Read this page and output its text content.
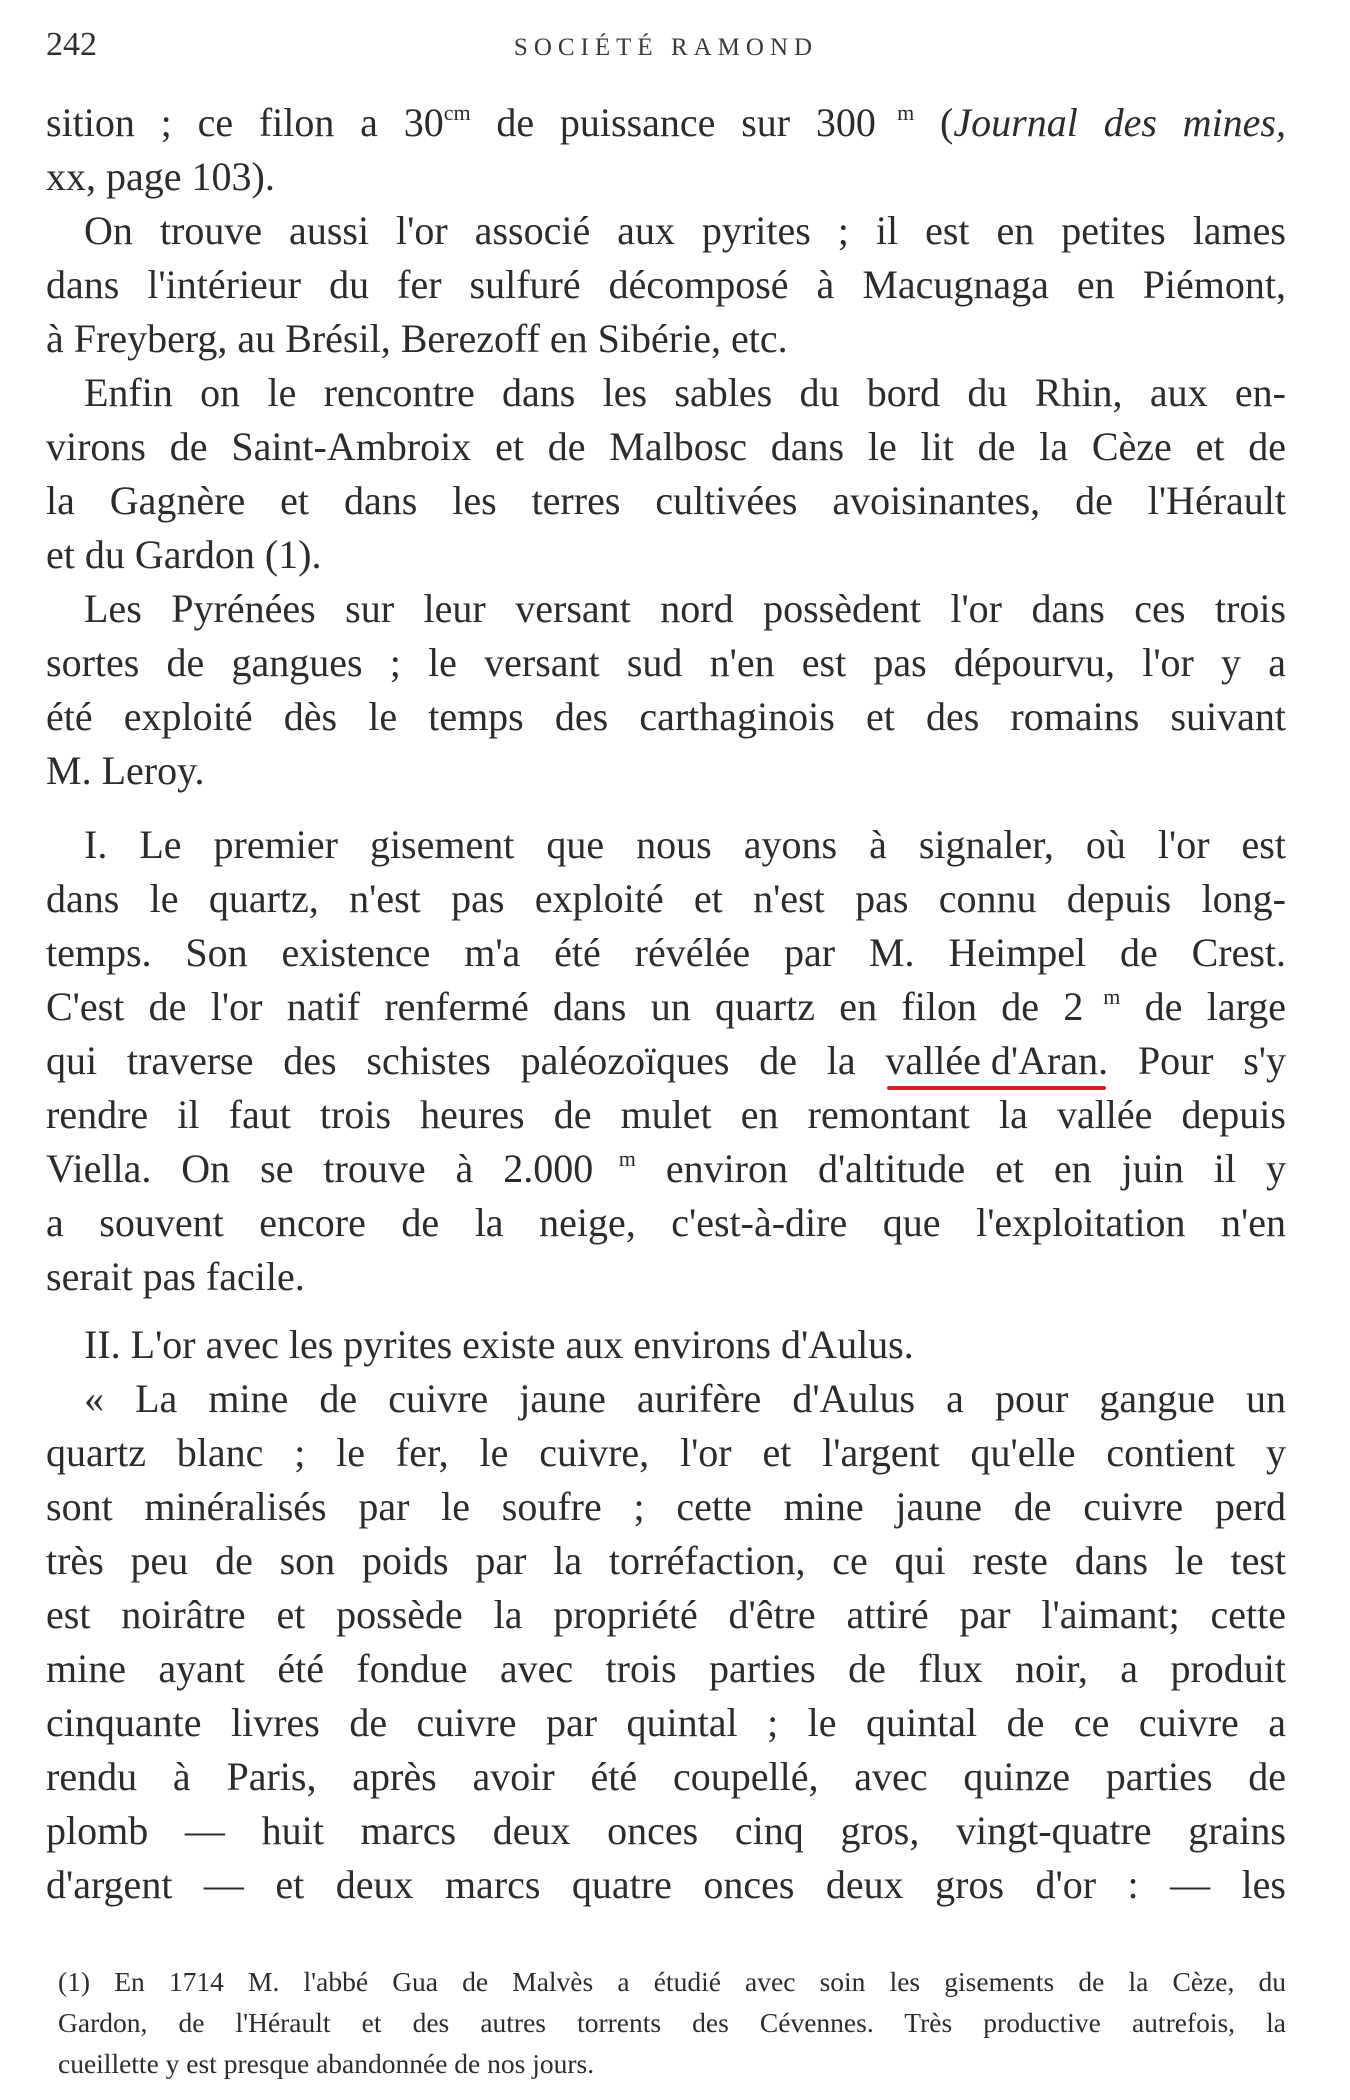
242	SOCIÉTÉ RAMOND
sition ; ce filon a $30^{cm}$ de puissance sur 300 $^m$ (Journal des mines,
xx, page 103).
On trouve aussi l'or associé aux pyrites ; il est en petites lames
dans l'intérieur du fer sulfuré décomposé à Macugnaga en Piémont,
à Freyberg, au Brésil, Berezoff en Sibérie, etc.
Enfin on le rencontre dans les sables du bord du Rhin, aux en-
virons de Saint-Ambroix et de Malbosc dans le lit de la Cèze et de
la Gagnère et dans les terres cultivées avoisinantes, de l'Hérault
et du Gardon (1).
Les Pyrénées sur leur versant nord possèdent l'or dans ces trois
sortes de gangues ; le versant sud n'en est pas dépourvu, l'or y a
été exploité dès le temps des carthaginois et des romains suivant
M. Leroy.
I. Le premier gisement que nous ayons à signaler, où l'or est
dans le quartz, n'est pas exploité et n'est pas connu depuis long-
temps. Son existence m'a été révélée par M. Heimpel de Crest.
C'est de l'or natif renfermé dans un quartz en filon de 2 $^m$ de large
qui traverse des schistes paléozoïques de la vallée d'Aran. Pour s'y
rendre il faut trois heures de mulet en remontant la vallée depuis
Viella. On se trouve à 2.000 $^m$ environ d'altitude et en juin il y
a souvent encore de la neige, c'est-à-dire que l'exploitation n'en
serait pas facile.
II. L'or avec les pyrites existe aux environs d'Aulus.
« La mine de cuivre jaune aurifère d'Aulus a pour gangue un
quartz blanc ; le fer, le cuivre, l'or et l'argent qu'elle contient y
sont minéralisés par le soufre ; cette mine jaune de cuivre perd
très peu de son poids par la torréfaction, ce qui reste dans le test
est noirâtre et possède la propriété d'être attiré par l'aimant; cette
mine ayant été fondue avec trois parties de flux noir, a produit
cinquante livres de cuivre par quintal ; le quintal de ce cuivre a
rendu à Paris, après avoir été coupellé, avec quinze parties de
plomb — huit marcs deux onces cinq gros, vingt-quatre grains
d'argent — et deux marcs quatre onces deux gros d'or : — les
(1) En 1714 M. l'abbé Gua de Malvès a étudié avec soin les gisements de la Cèze, du
Gardon, de l'Hérault et des autres torrents des Cévennes. Très productive autrefois, la
cueillette y est presque abandonnée de nos jours.
